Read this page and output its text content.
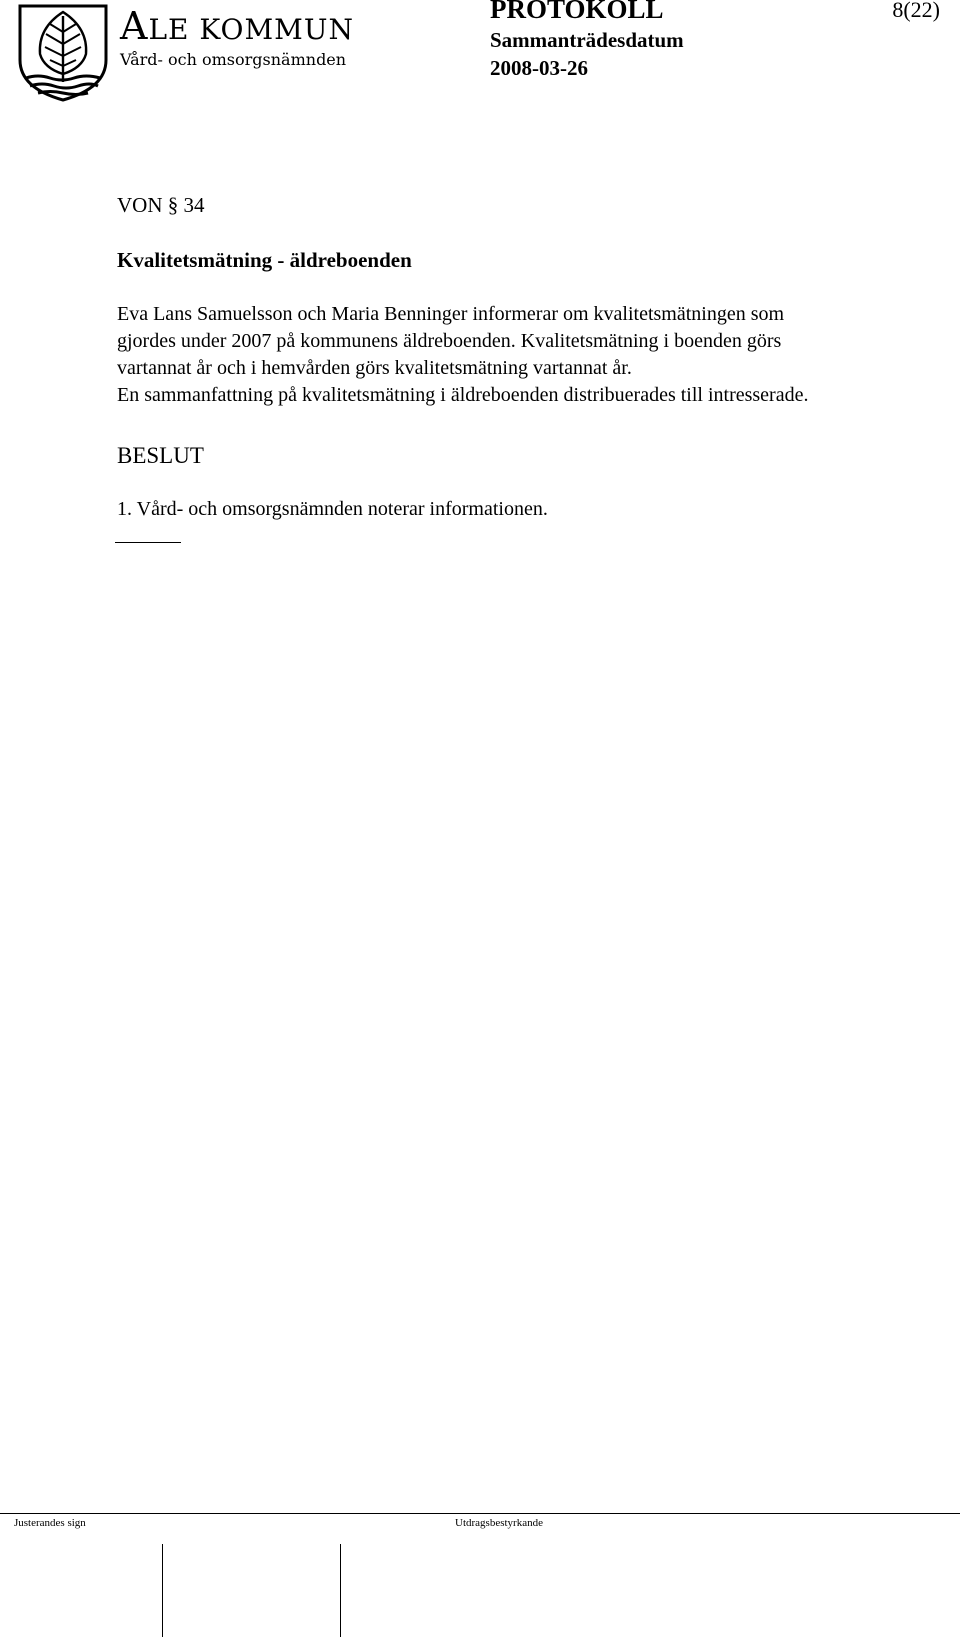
ALE KOMMUN
Vård- och omsorgsnämnden
PROTOKOLL	8(22)
Sammanträdesdatum
2008-03-26
VON § 34
Kvalitetsmätning - äldreboenden
Eva Lans Samuelsson och Maria Benninger informerar om kvalitetsmätningen som
gjordes under 2007 på kommunens äldreboenden. Kvalitetsmätning i boenden görs
vartannat år och i hemvården görs kvalitetsmätning vartannat år.
En sammanfattning på kvalitetsmätning i äldreboenden distribuerades till intresserade.
BESLUT
1. Vård- och omsorgsnämnden noterar informationen.
Justerandes sign	Utdragsbestyrkande
